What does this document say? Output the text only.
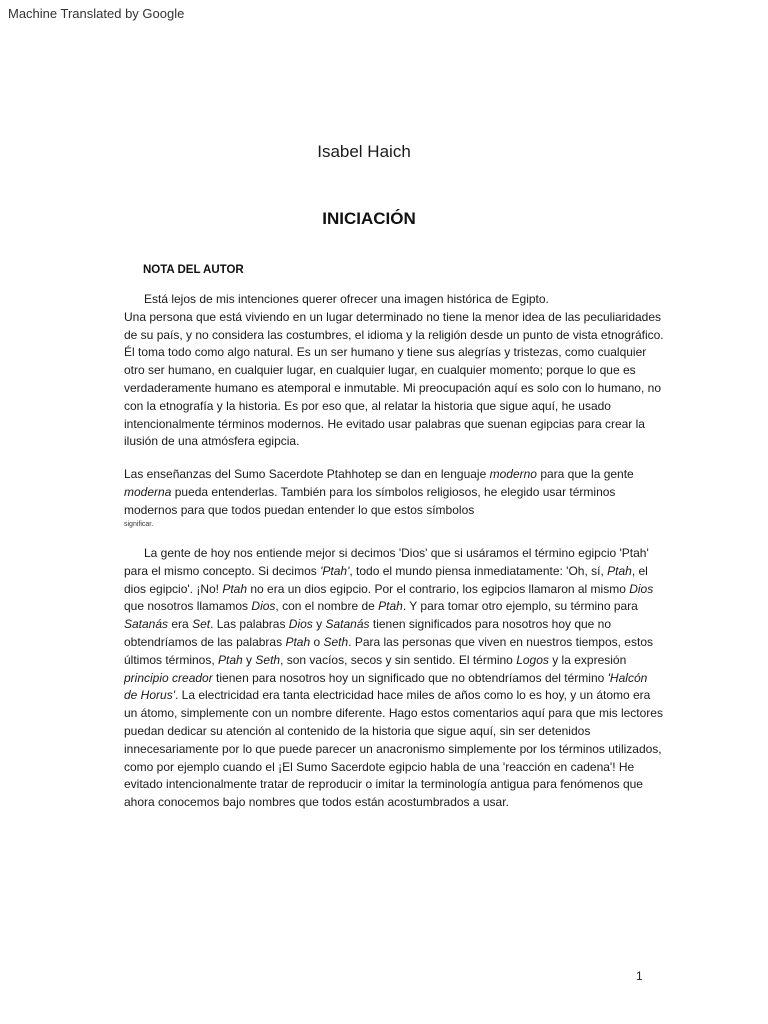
Machine Translated by Google
Isabel Haich
INICIACIÓN
NOTA DEL AUTOR
Está lejos de mis intenciones querer ofrecer una imagen histórica de Egipto.
Una persona que está viviendo en un lugar determinado no tiene la menor idea de las peculiaridades
de su país, y no considera las costumbres, el idioma y la religión desde un punto de vista etnográfico.
Él toma todo como algo natural. Es un ser humano y tiene sus alegrías y tristezas, como cualquier
otro ser humano, en cualquier lugar, en cualquier lugar, en cualquier momento; porque lo que es
verdaderamente humano es atemporal e inmutable. Mi preocupación aquí es solo con lo humano, no
con la etnografía y la historia. Es por eso que, al relatar la historia que sigue aquí, he usado
intencionalmente términos modernos. He evitado usar palabras que suenan egipcias para crear la
ilusión de una atmósfera egipcia.
Las enseñanzas del Sumo Sacerdote Ptahhotep se dan en lenguaje moderno para que la gente
moderna pueda entenderlas. También para los símbolos religiosos, he elegido usar términos
modernos para que todos puedan entender lo que estos símbolos
significar.
La gente de hoy nos entiende mejor si decimos 'Dios' que si usáramos el término egipcio 'Ptah'
para el mismo concepto. Si decimos 'Ptah', todo el mundo piensa inmediatamente: 'Oh, sí, Ptah, el
dios egipcio'. ¡No! Ptah no era un dios egipcio. Por el contrario, los egipcios llamaron al mismo Dios
que nosotros llamamos Dios, con el nombre de Ptah. Y para tomar otro ejemplo, su término para
Satanás era Set. Las palabras Dios y Satanás tienen significados para nosotros hoy que no
obtendríamos de las palabras Ptah o Seth. Para las personas que viven en nuestros tiempos, estos
últimos términos, Ptah y Seth, son vacíos, secos y sin sentido. El término Logos y la expresión
principio creador tienen para nosotros hoy un significado que no obtendríamos del término 'Halcón
de Horus'. La electricidad era tanta electricidad hace miles de años como lo es hoy, y un átomo era
un átomo, simplemente con un nombre diferente. Hago estos comentarios aquí para que mis lectores
puedan dedicar su atención al contenido de la historia que sigue aquí, sin ser detenidos
innecesariamente por lo que puede parecer un anacronismo simplemente por los términos utilizados,
como por ejemplo cuando el ¡El Sumo Sacerdote egipcio habla de una 'reacción en cadena'! He
evitado intencionalmente tratar de reproducir o imitar la terminología antigua para fenómenos que
ahora conocemos bajo nombres que todos están acostumbrados a usar.
1
